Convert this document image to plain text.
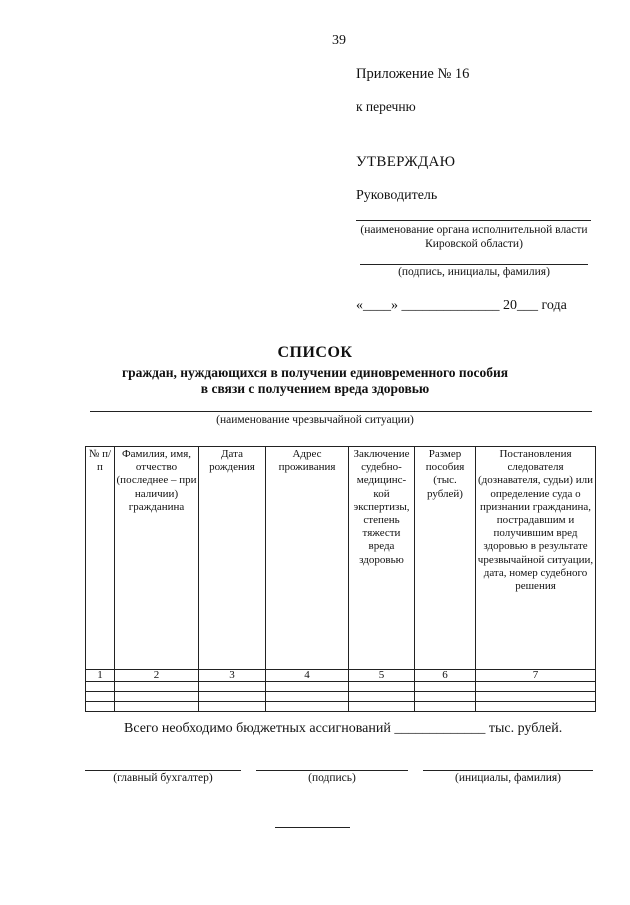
39
Приложение № 16
к перечню
УТВЕРЖДАЮ
Руководитель
(наименование органа исполнительной власти Кировской области)
(подпись, инициалы, фамилия)
«____» ______________ 20___ года
СПИСОК
граждан, нуждающихся в получении единовременного пособия
в связи с получением вреда здоровью
(наименование чрезвычайной ситуации)
№ п/п	Фамилия, имя, отчество (последнее – при наличии) гражданина	Дата рождения	Адрес проживания	Заключение судебно-медицинс-кой экспертизы, степень тяжести вреда здоровью	Размер пособия (тыс. рублей)	Постановления следователя (дознавателя, судьи) или определение суда о признании гражданина, пострадавшим и получившим вред здоровью в результате чрезвычайной ситуации, дата, номер судебного решения
1	2	3	4	5	6	7

Всего необходимо бюджетных ассигнований _____________ тыс. рублей.
(главный бухгалтер)	(подпись)	(инициалы, фамилия)
